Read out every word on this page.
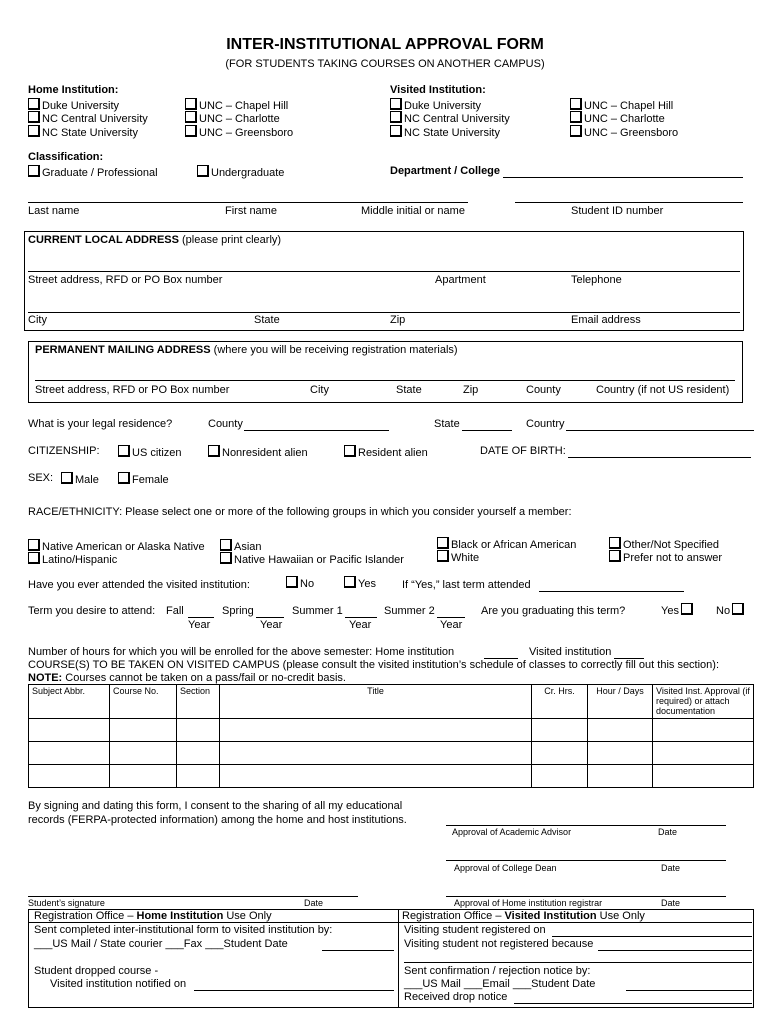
INTER-INSTITUTIONAL APPROVAL FORM
(FOR STUDENTS TAKING COURSES ON ANOTHER CAMPUS)
Home Institution:
Duke University
NC Central University
NC State University
UNC – Chapel Hill
UNC – Charlotte
UNC – Greensboro
Visited Institution:
Duke University
NC Central University
NC State University
UNC – Chapel Hill
UNC – Charlotte
UNC – Greensboro
Classification:
Graduate / Professional	Undergraduate	Department / College
Last name	First name	Middle initial or name	Student ID number
CURRENT LOCAL ADDRESS (please print clearly)
Street address, RFD or PO Box number	Apartment	Telephone
City	State	Zip	Email address
PERMANENT MAILING ADDRESS (where you will be receiving registration materials)
Street address, RFD or PO Box number	City	State	Zip	County	Country (if not US resident)
What is your legal residence?	County	State	Country
CITIZENSHIP:	US citizen	Nonresident alien	Resident alien	DATE OF BIRTH:
SEX:	Male	Female
RACE/ETHNICITY: Please select one or more of the following groups in which you consider yourself a member:
Native American or Alaska Native
Latino/Hispanic
Asian
Native Hawaiian or Pacific Islander
Black or African American
White
Other/Not Specified
Prefer not to answer
Have you ever attended the visited institution:	No	Yes If “Yes,” last term attended
Term you desire to attend: Fall	Spring	Summer 1	Summer 2
Year	Year	Year	Year
Are you graduating this term?	Yes	No
Number of hours for which you will be enrolled for the above semester: Home institution	Visited institution
COURSE(S) TO BE TAKEN ON VISITED CAMPUS (please consult the visited institution’s schedule of classes to correctly fill out this section):
NOTE: Courses cannot be taken on a pass/fail or no-credit basis.
Subject Abbr.	Course No.	Section	Title	Cr. Hrs.	Hour / Days	Visited Inst. Approval (if required) or attach documentation

By signing and dating this form, I consent to the sharing of all my educational
records (FERPA-protected information) among the home and host institutions.
Approval of Academic Advisor	Date
Approval of College Dean	Date
Student’s signature	Date	Approval of Home institution registrar	Date
Registration Office – Home Institution Use Only
Sent completed inter-institutional form to visited institution by:
___US Mail / State courier ___Fax ___Student Date
Student dropped course -
Visited institution notified on
Registration Office – Visited Institution Use Only
Visiting student registered on
Visiting student not registered because
Sent confirmation / rejection notice by:
___US Mail ___Email ___Student Date
Received drop notice
